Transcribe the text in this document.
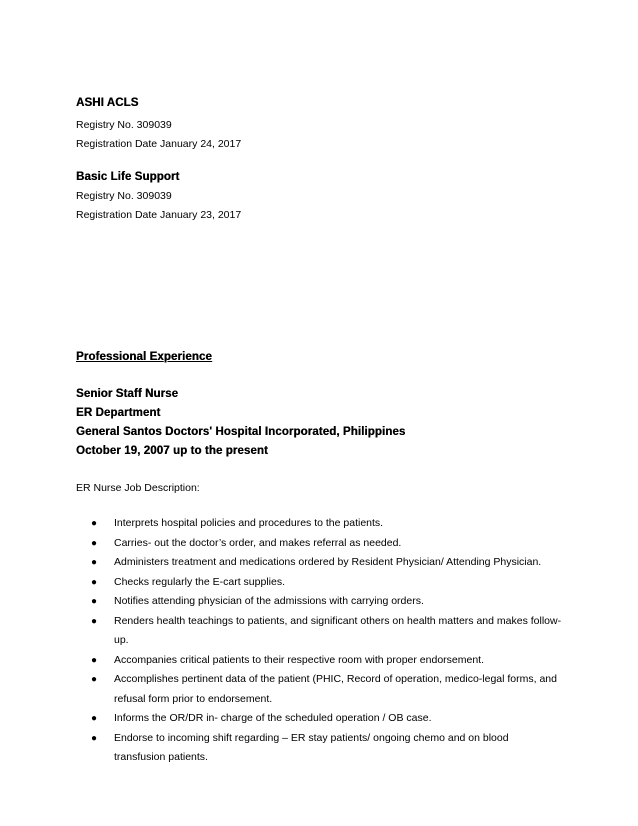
ASHI ACLS
Registry No. 309039
Registration Date January 24, 2017
Basic Life Support
Registry No. 309039
Registration Date January 23, 2017
Professional Experience
Senior Staff Nurse
ER Department
General Santos Doctors' Hospital Incorporated, Philippines
October 19, 2007 up to the present
ER Nurse Job Description:
● Interprets hospital policies and procedures to the patients.
● Carries- out the doctor’s order, and makes referral as needed.
● Administers treatment and medications ordered by Resident Physician/ Attending Physician.
● Checks regularly the E-cart supplies.
● Notifies attending physician of the admissions with carrying orders.
● Renders health teachings to patients, and significant others on health matters and makes follow-up.
● Accompanies critical patients to their respective room with proper endorsement.
● Accomplishes pertinent data of the patient (PHIC, Record of operation, medico-legal forms, and refusal form prior to endorsement.
● Informs the OR/DR in- charge of the scheduled operation / OB case.
● Endorse to incoming shift regarding – ER stay patients/ ongoing chemo and on blood transfusion patients.
